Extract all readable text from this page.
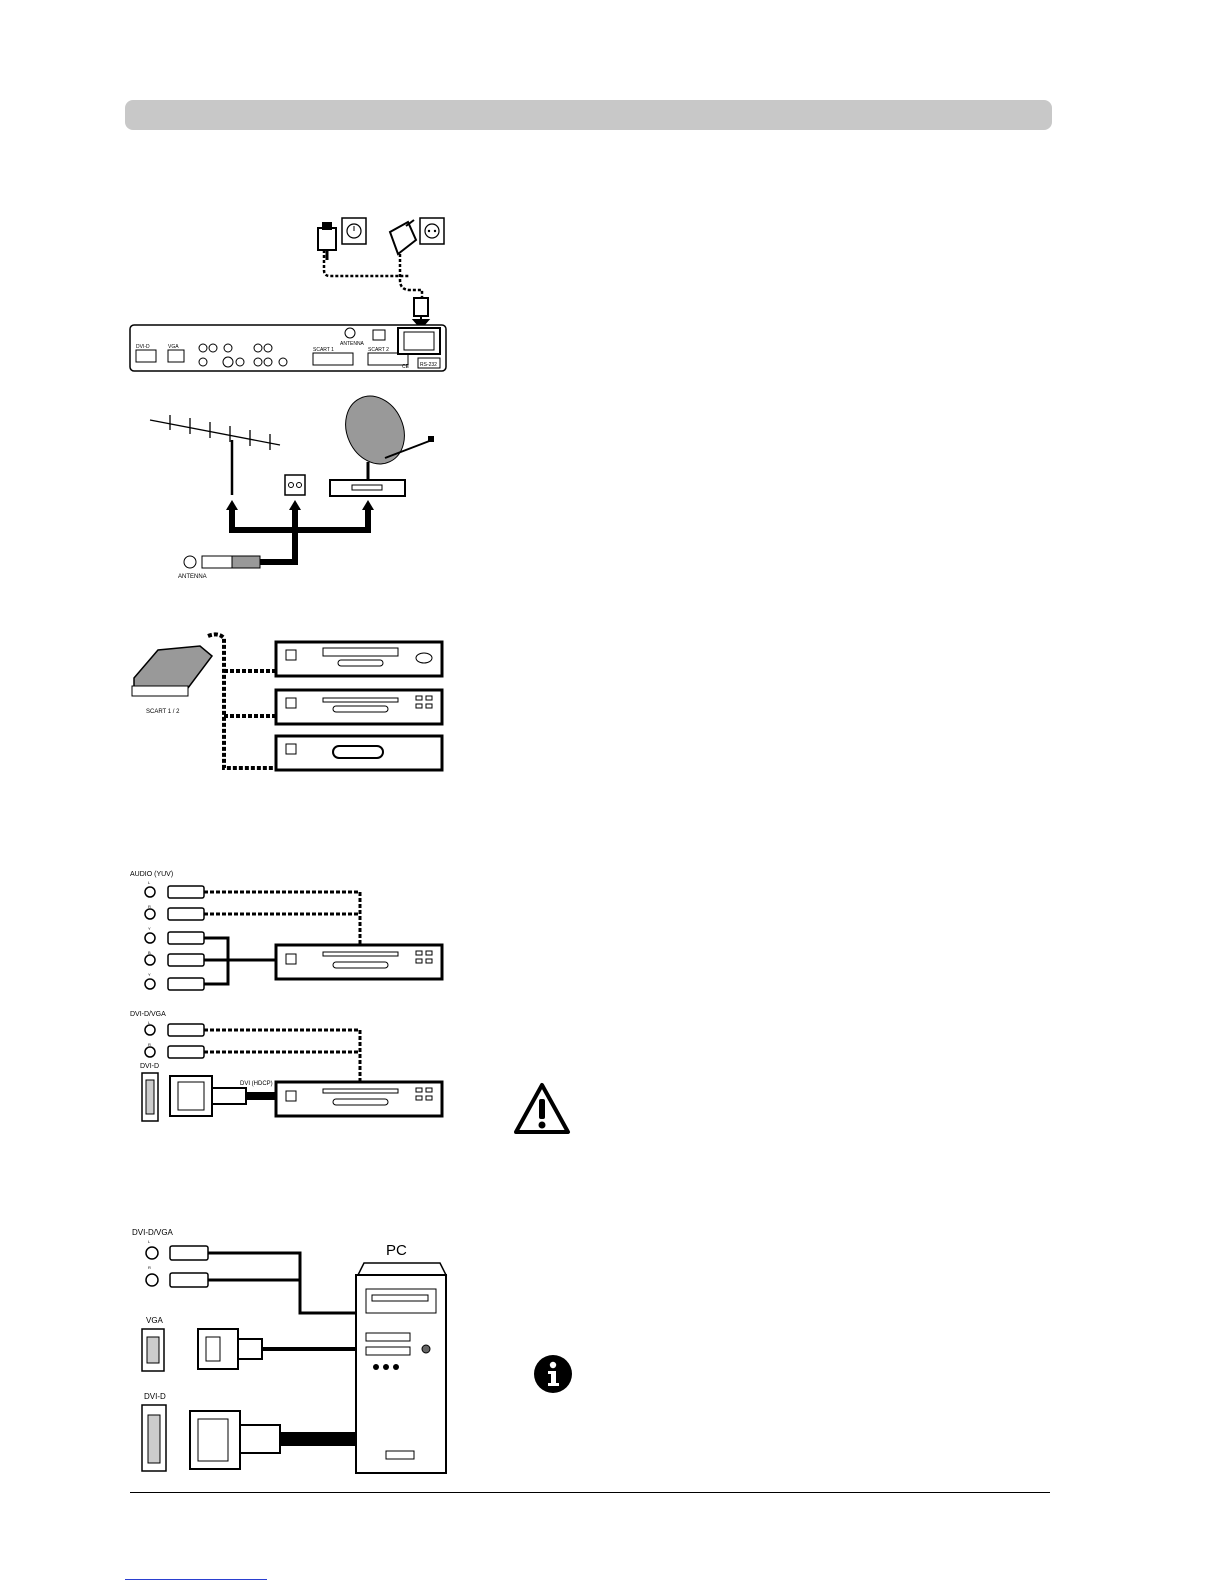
DVI-D	VGA	ANTENNA
SCART 1	SCART 2
CE RS-232
ANTENNA
SCART 1 / 2
AUDIO (YUV)
L
R
Y
B
Y
DVI-D/VGA
L
R
DVI-D
DVI (HDCP)
DVI-D/VGA
L
R
VGA
DVI-D
PC
